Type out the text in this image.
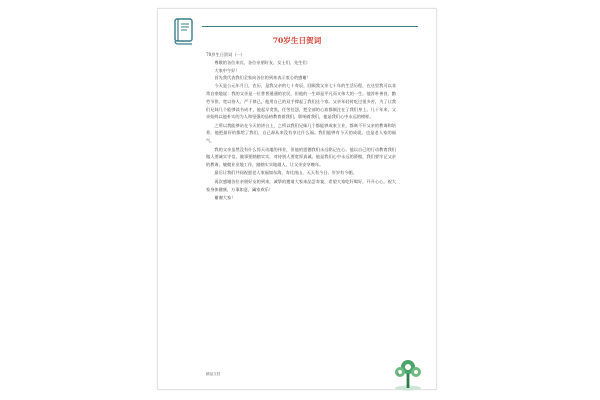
70岁生日贺词

70岁生日贺词（一）

尊敬的各位来宾、各位亲朋好友、女士们、先生们：

大家中午好！

首先我代表我们全家向各位的到来表示衷心的感谢！

今天是公元年月日，农历，是我父亲的七十寿辰。回顾我父亲七十年的生活历程，在这里我可以非常自豪地说：我的父亲是一位普普通通的农民，但他的一生却是平凡而又伟大的一生。他淳朴善良、勤劳节俭、宽以待人、严于律己，他用自己的双手撑起了我们这个家。父亲年轻时吃过很多苦，为了让我们兄妹几个能够读书成才，他起早贪黑，任劳任怨，把全部的心血都倾注在了我们身上。几十年来，父亲始终以他朴实的为人和坚强的品格教育着我们，影响着我们，他是我们心中永远的榜样。

之所以我能够站在今天的讲台上，之所以我们兄妹几个都能够成家立业，都离不开父亲的教诲和培养，他把最好的都给了我们，自己却从来没有享过什么福。我们能够有今天的成就，也是老人家的福气。

我的父亲虽然没有什么惊天动地的伟业，但他的恩德我们永远铭记在心。他以自己的行动教育我们做人要诚实守信，做事要踏踏实实，对待别人要宽厚真诚。他是我们心中永远的骄傲，我们要牢记父亲的教诲，兢兢业业地工作，踏踏实实地做人，让父亲安享晚年。

最后让我们共同祝愿老人家福如东海，寿比南山，天天有今日，岁岁有今朝。

再次感谢各位亲朋好友的到来，诚挚的邀请大家来品尝寿宴，希望大家吃好喝好，开开心心，祝大家身体健康，万事如意，阖家欢乐！

谢谢大家！

精品文档	1
